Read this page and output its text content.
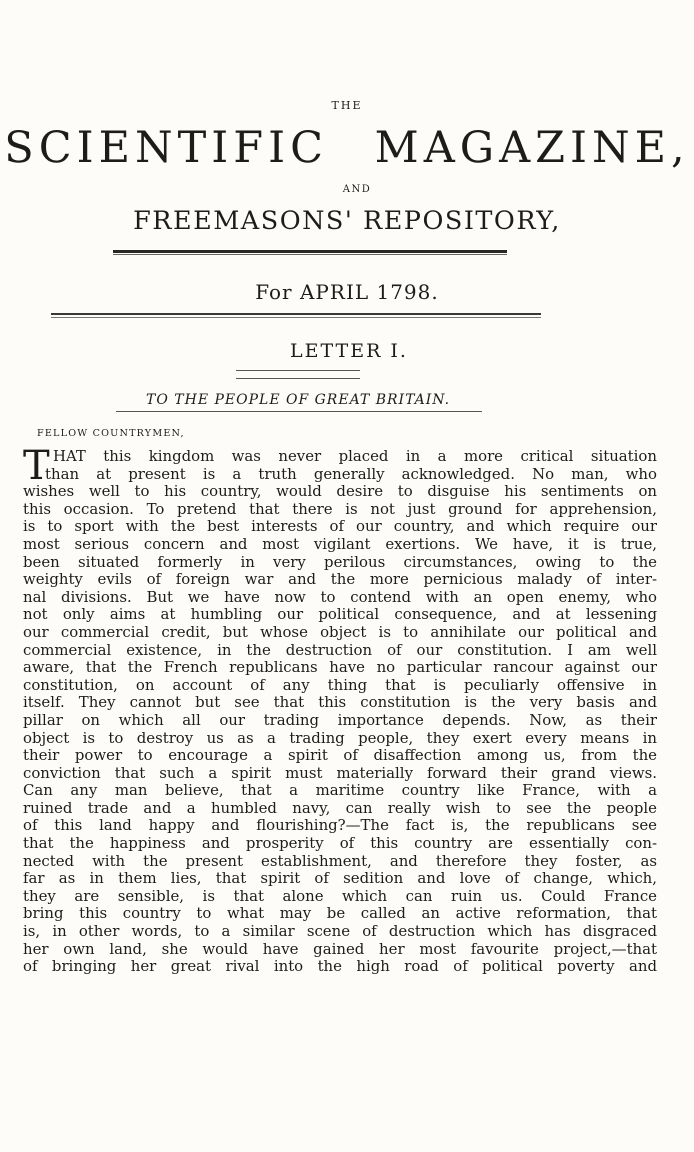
THE
SCIENTIFIC MAGAZINE,
AND
FREEMASONS' REPOSITORY,
For APRIL 1798.
LETTER I.
TO THE PEOPLE OF GREAT BRITAIN.
FELLOW COUNTRYMEN,
T HAT this kingdom was never placed in a more critical situation
than at present is a truth generally acknowledged. No man, who
wishes well to his country, would desire to disguise his sentiments on
this occasion. To pretend that there is not just ground for apprehension,
is to sport with the best interests of our country, and which require our
most serious concern and most vigilant exertions. We have, it is true,
been situated formerly in very perilous circumstances, owing to the
weighty evils of foreign war and the more pernicious malady of inter-
nal divisions. But we have now to contend with an open enemy, who
not only aims at humbling our political consequence, and at lessening
our commercial credit, but whose object is to annihilate our political and
commercial existence, in the destruction of our constitution. I am well
aware, that the French republicans have no particular rancour against our
constitution, on account of any thing that is peculiarly offensive in
itself. They cannot but see that this constitution is the very basis and
pillar on which all our trading importance depends. Now, as their
object is to destroy us as a trading people, they exert every means in
their power to encourage a spirit of disaffection among us, from the
conviction that such a spirit must materially forward their grand views.
Can any man believe, that a maritime country like France, with a
ruined trade and a humbled navy, can really wish to see the people
of this land happy and flourishing?—The fact is, the republicans see
that the happiness and prosperity of this country are essentially con-
nected with the present establishment, and therefore they foster, as
far as in them lies, that spirit of sedition and love of change, which,
they are sensible, is that alone which can ruin us. Could France
bring this country to what may be called an active reformation, that
is, in other words, to a similar scene of destruction which has disgraced
her own land, she would have gained her most favourite project,—that
of bringing her great rival into the high road of political poverty and
